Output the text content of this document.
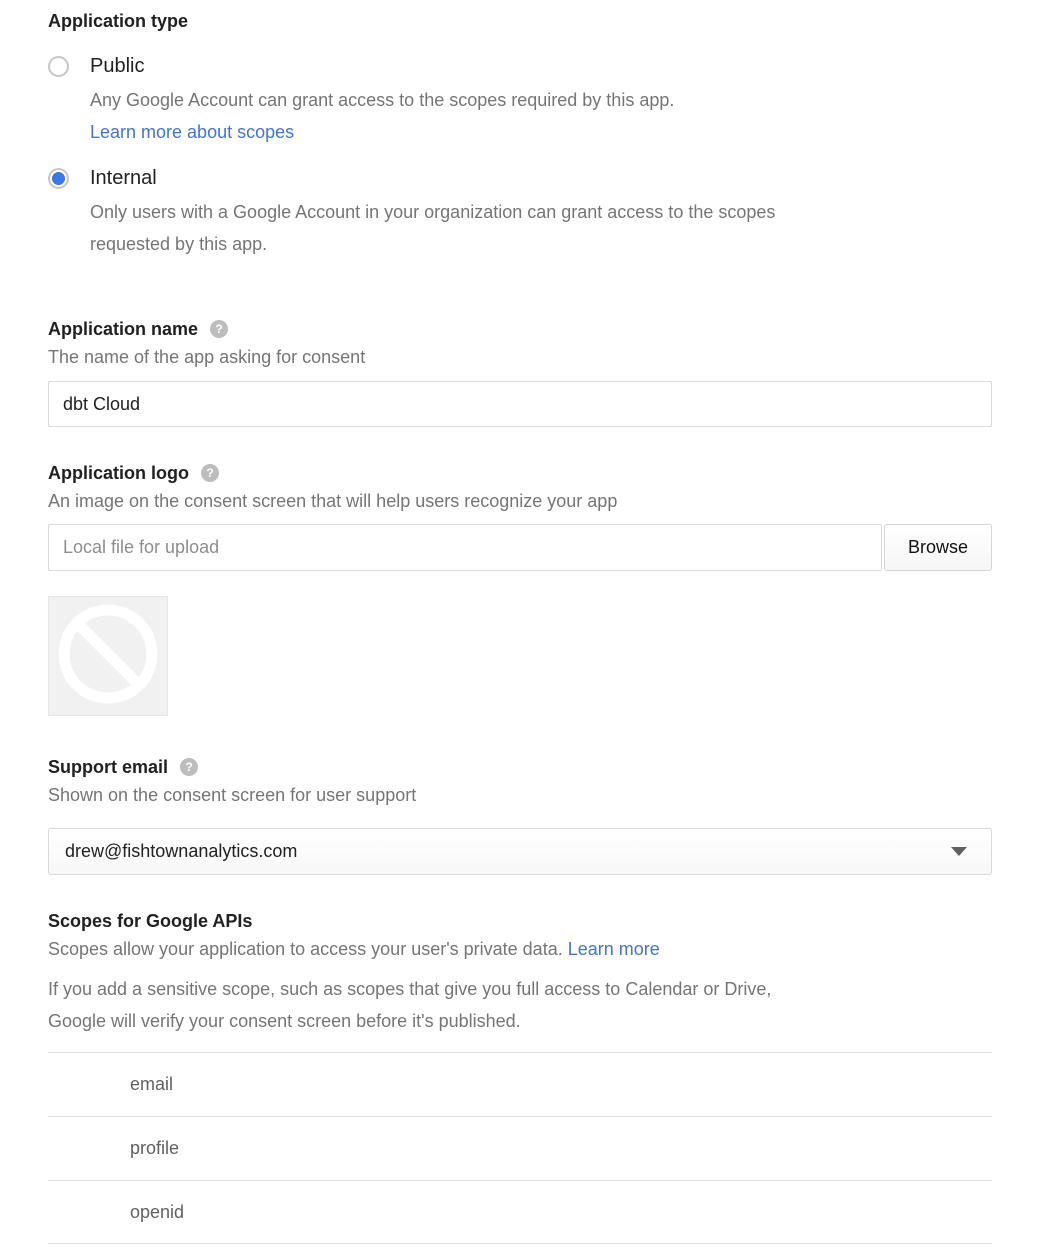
Application type
Public
Any Google Account can grant access to the scopes required by this app.
Learn more about scopes
Internal
Only users with a Google Account in your organization can grant access to the scopes requested by this app.
Application name	?
The name of the app asking for consent
dbt Cloud
Application logo	?
An image on the consent screen that will help users recognize your app
Local file for upload
Browse
Support email	?
Shown on the consent screen for user support
drew@fishtownanalytics.com
Scopes for Google APIs
Scopes allow your application to access your user's private data. Learn more

If you add a sensitive scope, such as scopes that give you full access to Calendar or Drive, Google will verify your consent screen before it's published.

email
profile
openid
